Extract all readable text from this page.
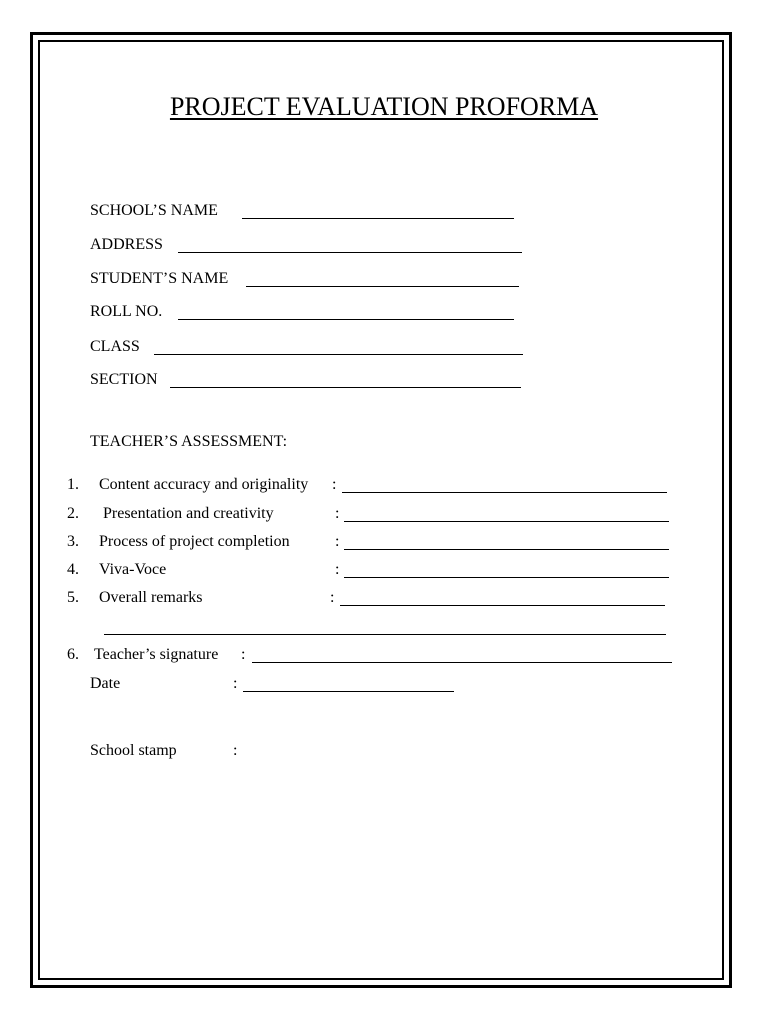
PROJECT EVALUATION PROFORMA
SCHOOL’S NAME
ADDRESS
STUDENT’S NAME
ROLL NO.
CLASS
SECTION
TEACHER’S ASSESSMENT:
1. Content accuracy and originality :
2. Presentation and creativity	:
3. Process of project completion	:
4. Viva-Voce	:
5. Overall remarks	:
6. Teacher’s signature :
Date	:
School stamp	:
